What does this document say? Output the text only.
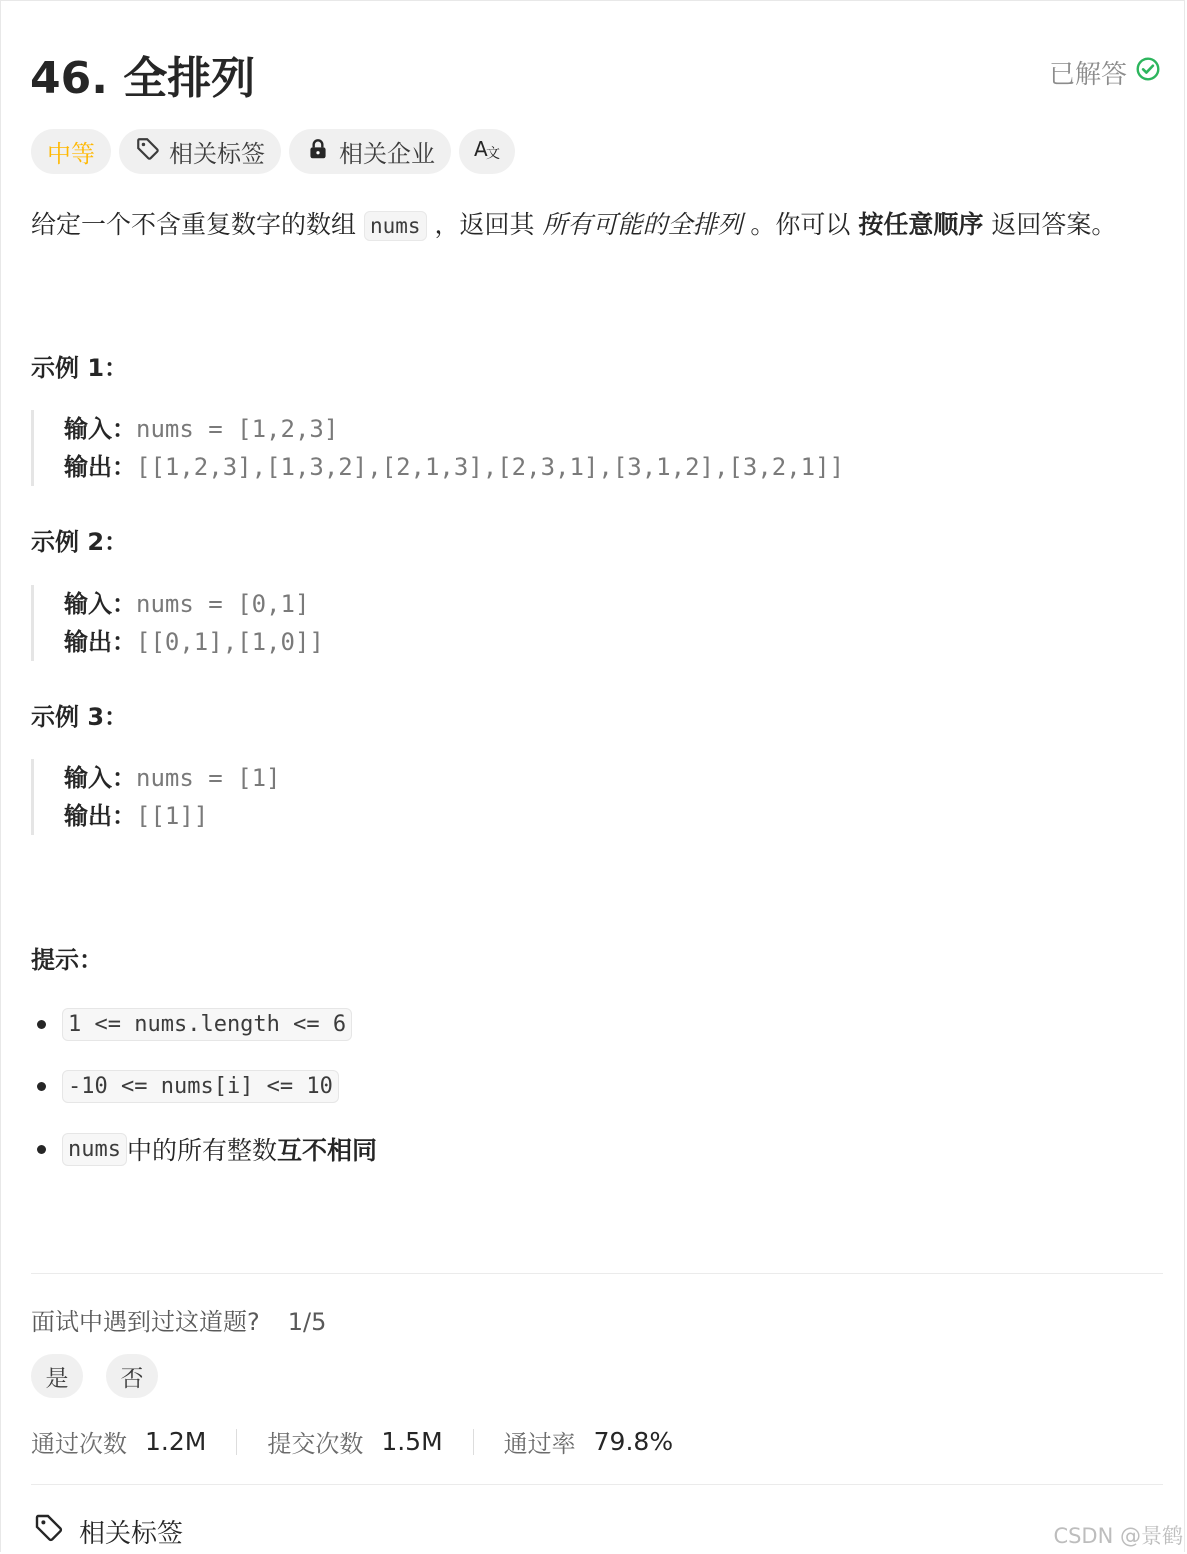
46. 全排列	已解答
中等	相关标签	相关企业 A
文
给定一个不含重复数字的数组 nums ，返回其 所有可能的全排列 。你可以 按任意顺序 返回答案。
示例 1：
输入：nums = [1,2,3]
输出：[[1,2,3],[1,3,2],[2,1,3],[2,3,1],[3,1,2],[3,2,1]]
示例 2：
输入：nums = [0,1]
输出：[[0,1],[1,0]]
示例 3：
输入：nums = [1]
输出：[[1]]
提示：
1 <= nums.length <= 6
-10 <= nums[i] <= 10
nums 中的所有整数 互不相同
面试中遇到过这道题? 1/5
是	否
通过次数 1.2M	提交次数 1.5M	通过率 79.8%
相关标签	CSDN @景鹤
